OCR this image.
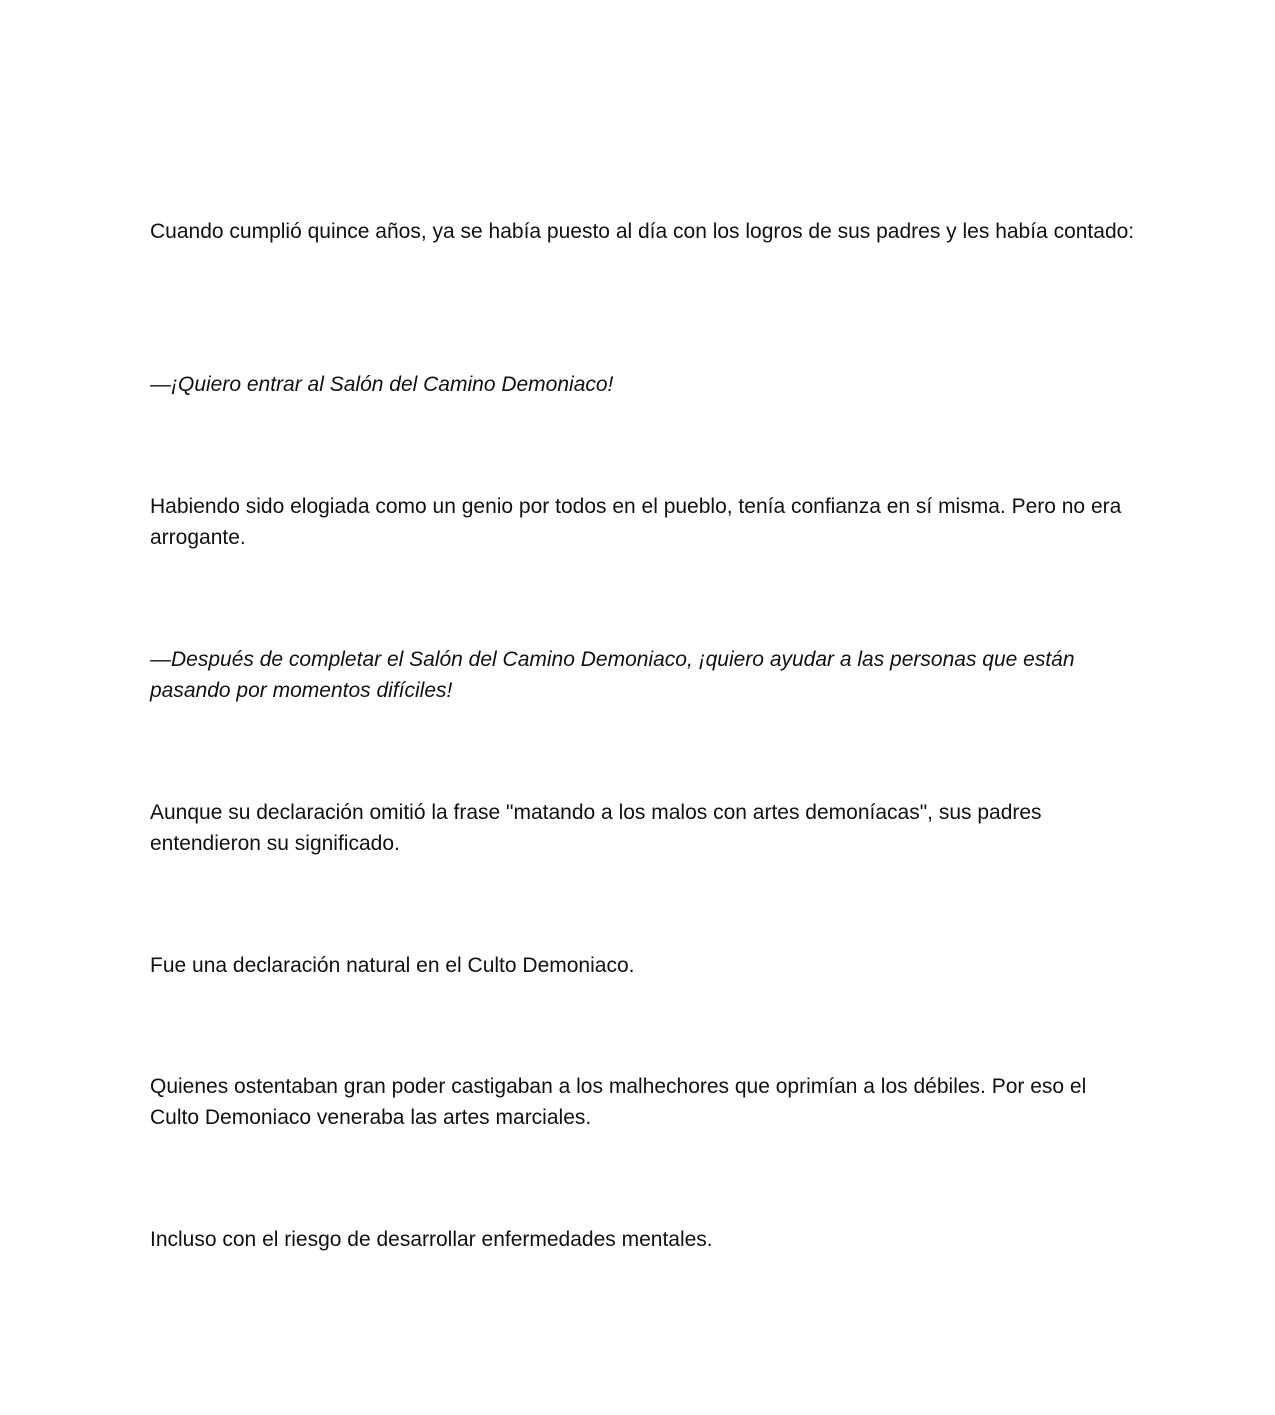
Cuando cumplió quince años, ya se había puesto al día con los logros de sus padres y les había contado:

—¡Quiero entrar al Salón del Camino Demoniaco!

Habiendo sido elogiada como un genio por todos en el pueblo, tenía confianza en sí misma. Pero no era arrogante.

—Después de completar el Salón del Camino Demoniaco, ¡quiero ayudar a las personas que están pasando por momentos difíciles!

Aunque su declaración omitió la frase "matando a los malos con artes demoníacas", sus padres entendieron su significado.

Fue una declaración natural en el Culto Demoniaco.

Quienes ostentaban gran poder castigaban a los malhechores que oprimían a los débiles. Por eso el Culto Demoniaco veneraba las artes marciales.

Incluso con el riesgo de desarrollar enfermedades mentales.
